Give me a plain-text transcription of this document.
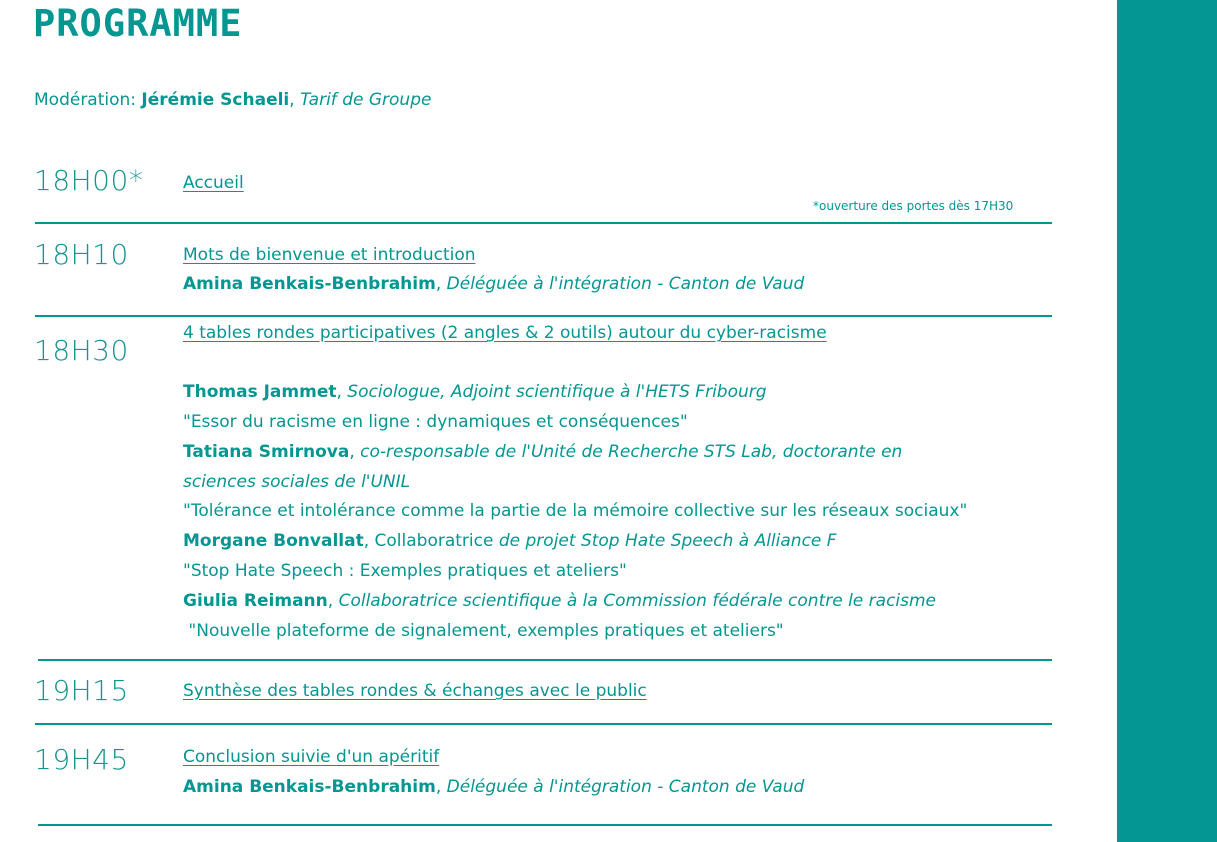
PROGRAMME
Modération: Jérémie Schaeli, Tarif de Groupe
18H00* Accueil
*ouverture des portes dès 17H30
18H10	Mots de bienvenue et introduction
Amina Benkais-Benbrahim, Déléguée à l'intégration - Canton de Vaud
18H30
4 tables rondes participatives (2 angles & 2 outils) autour du cyber-racisme
Thomas Jammet, Sociologue, Adjoint scientifique à l'HETS Fribourg
"Essor du racisme en ligne : dynamiques et conséquences"
Tatiana Smirnova, co-responsable de l'Unité de Recherche STS Lab, doctorante en
sciences sociales de l'UNIL
"Tolérance et intolérance comme la partie de la mémoire collective sur les réseaux sociaux"
Morgane Bonvallat, Collaboratrice de projet Stop Hate Speech à Alliance F
"Stop Hate Speech : Exemples pratiques et ateliers"
Giulia Reimann, Collaboratrice scientifique à la Commission fédérale contre le racisme
"Nouvelle plateforme de signalement, exemples pratiques et ateliers"
19H15	Synthèse des tables rondes & échanges avec le public
19H45	Conclusion suivie d'un apéritif
Amina Benkais-Benbrahim, Déléguée à l'intégration - Canton de Vaud
